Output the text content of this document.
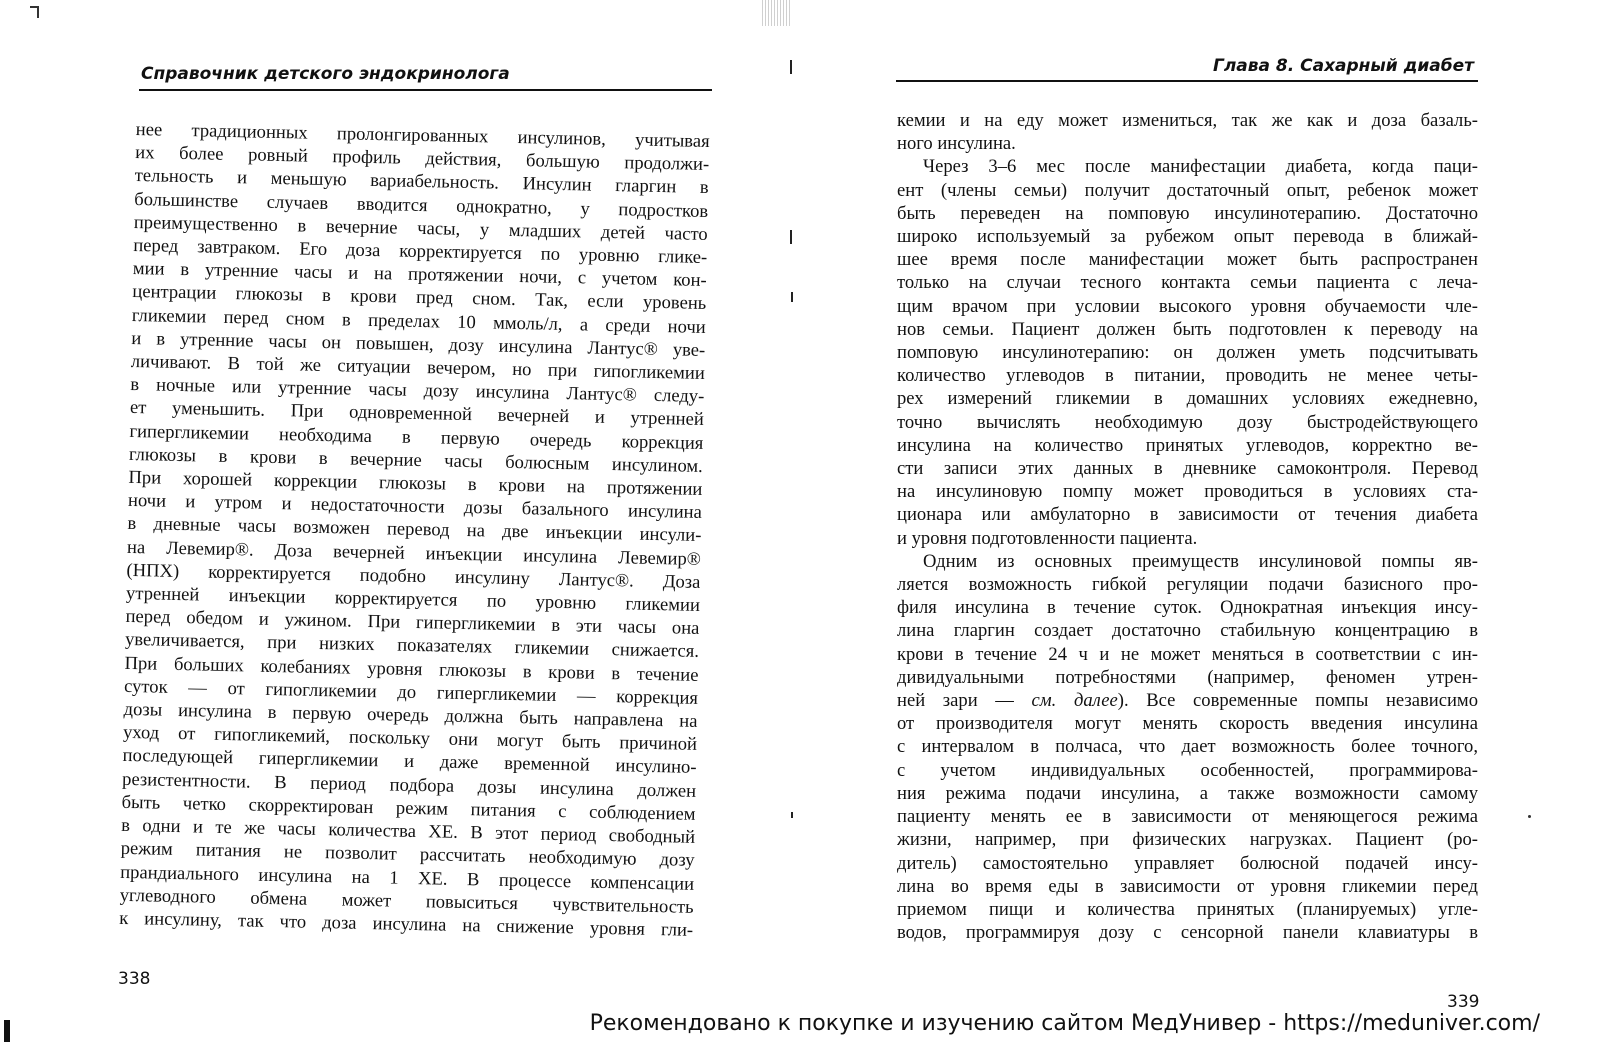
Справочник детского эндокринолога
нее традиционных пролонгированных инсулинов, учитывая
их более ровный профиль действия, большую продолжи-
тельность и меньшую вариабельность. Инсулин гларгин в
большинстве случаев вводится однократно, у подростков
преимущественно в вечерние часы, у младших детей часто
перед завтраком. Его доза корректируется по уровню глике-
мии в утренние часы и на протяжении ночи, с учетом кон-
центрации глюкозы в крови пред сном. Так, если уровень
гликемии перед сном в пределах 10 ммоль/л, а среди ночи
и в утренние часы он повышен, дозу инсулина Лантус® уве-
личивают. В той же ситуации вечером, но при гипогликемии
в ночные или утренние часы дозу инсулина Лантус® следу-
ет уменьшить. При одновременной вечерней и утренней
гипергликемии необходима в первую очередь коррекция
глюкозы в крови в вечерние часы болюсным инсулином.
При хорошей коррекции глюкозы в крови на протяжении
ночи и утром и недостаточности дозы базального инсулина
в дневные часы возможен перевод на две инъекции инсули-
на Левемир®. Доза вечерней инъекции инсулина Левемир®
(НПХ) корректируется подобно инсулину Лантус®. Доза
утренней инъекции корректируется по уровню гликемии
перед обедом и ужином. При гипергликемии в эти часы она
увеличивается, при низких показателях гликемии снижается.
При больших колебаниях уровня глюкозы в крови в течение
суток — от гипогликемии до гипергликемии — коррекция
дозы инсулина в первую очередь должна быть направлена на
уход от гипогликемий, поскольку они могут быть причиной
последующей гипергликемии и даже временной инсулино-
резистентности. В период подбора дозы инсулина должен
быть четко скорректирован режим питания с соблюдением
в одни и те же часы количества ХЕ. В этот период свободный
режим питания не позволит рассчитать необходимую дозу
прандиального инсулина на 1 ХЕ. В процессе компенсации
углеводного обмена может повыситься чувствительность
к инсулину, так что доза инсулина на снижение уровня гли-
338
Глава 8. Сахарный диабет
кемии и на еду может измениться, так же как и доза базаль-
ного инсулина.
Через 3–6 мес после манифестации диабета, когда паци-
ент (члены семьи) получит достаточный опыт, ребенок может
быть переведен на помповую инсулинотерапию. Достаточно
широко используемый за рубежом опыт перевода в ближай-
шее время после манифестации может быть распространен
только на случаи тесного контакта семьи пациента с леча-
щим врачом при условии высокого уровня обучаемости чле-
нов семьи. Пациент должен быть подготовлен к переводу на
помповую инсулинотерапию: он должен уметь подсчитывать
количество углеводов в питании, проводить не менее четы-
рех измерений гликемии в домашних условиях ежедневно,
точно вычислять необходимую дозу быстродействующего
инсулина на количество принятых углеводов, корректно ве-
сти записи этих данных в дневнике самоконтроля. Перевод
на инсулиновую помпу может проводиться в условиях ста-
ционара или амбулаторно в зависимости от течения диабета
и уровня подготовленности пациента.
Одним из основных преимуществ инсулиновой помпы яв-
ляется возможность гибкой регуляции подачи базисного про-
филя инсулина в течение суток. Однократная инъекция инсу-
лина гларгин создает достаточно стабильную концентрацию в
крови в течение 24 ч и не может меняться в соответствии с ин-
дивидуальными потребностями (например, феномен утрен-
ней зари — см. далее). Все современные помпы независимо
от производителя могут менять скорость введения инсулина
с интервалом в полчаса, что дает возможность более точного,
с учетом индивидуальных особенностей, программирова-
ния режима подачи инсулина, а также возможности самому
пациенту менять ее в зависимости от меняющегося режима
жизни, например, при физических нагрузках. Пациент (ро-
дитель) самостоятельно управляет болюсной подачей инсу-
лина во время еды в зависимости от уровня гликемии перед
приемом пищи и количества принятых (планируемых) угле-
водов, программируя дозу с сенсорной панели клавиатуры в
339
Рекомендовано к покупке и изучению сайтом МедУнивер - https://meduniver.com/
